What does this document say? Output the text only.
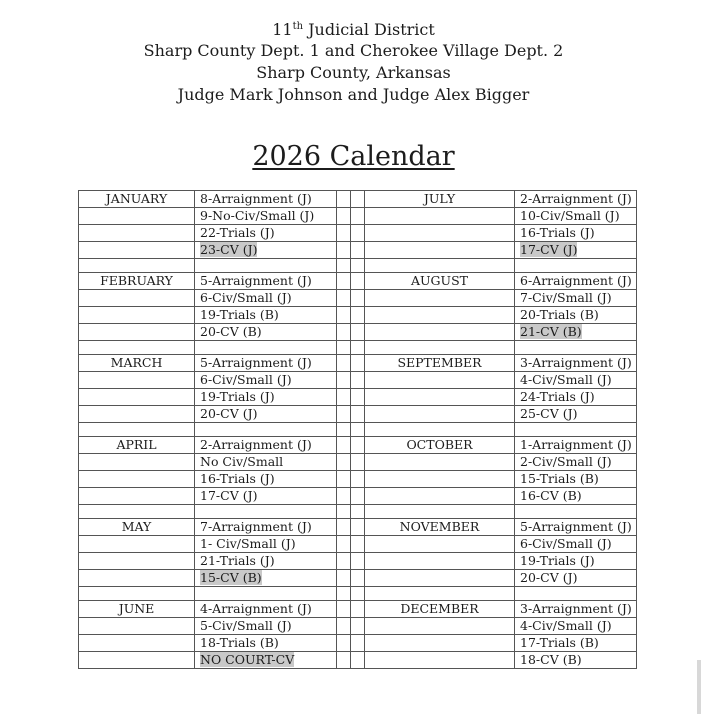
11th Judicial District
Sharp County Dept. 1 and Cherokee Village Dept. 2
Sharp County, Arkansas
Judge Mark Johnson and Judge Alex Bigger
2026 Calendar
JANUARY	8-Arraignment (J)			JULY	2-Arraignment (J)
	9-No-Civ/Small (J)				10-Civ/Small (J)
	22-Trials (J)				16-Trials (J)
	23-CV (J)				17-CV (J)

FEBRUARY	5-Arraignment (J)			AUGUST	6-Arraignment (J)
	6-Civ/Small (J)				7-Civ/Small (J)
	19-Trials (B)				20-Trials (B)
	20-CV (B)				21-CV (B)

MARCH	5-Arraignment (J)			SEPTEMBER	3-Arraignment (J)
	6-Civ/Small (J)				4-Civ/Small (J)
	19-Trials (J)				24-Trials (J)
	20-CV (J)				25-CV (J)

APRIL	2-Arraignment (J)			OCTOBER	1-Arraignment (J)
	No Civ/Small				2-Civ/Small (J)
	16-Trials (J)				15-Trials (B)
	17-CV (J)				16-CV (B)

MAY	7-Arraignment (J)			NOVEMBER	5-Arraignment (J)
	1- Civ/Small (J)				6-Civ/Small (J)
	21-Trials (J)				19-Trials (J)
	15-CV (B)				20-CV (J)

JUNE	4-Arraignment (J)			DECEMBER	3-Arraignment (J)
	5-Civ/Small (J)				4-Civ/Small (J)
	18-Trials (B)				17-Trials (B)
	NO COURT-CV				18-CV (B)
